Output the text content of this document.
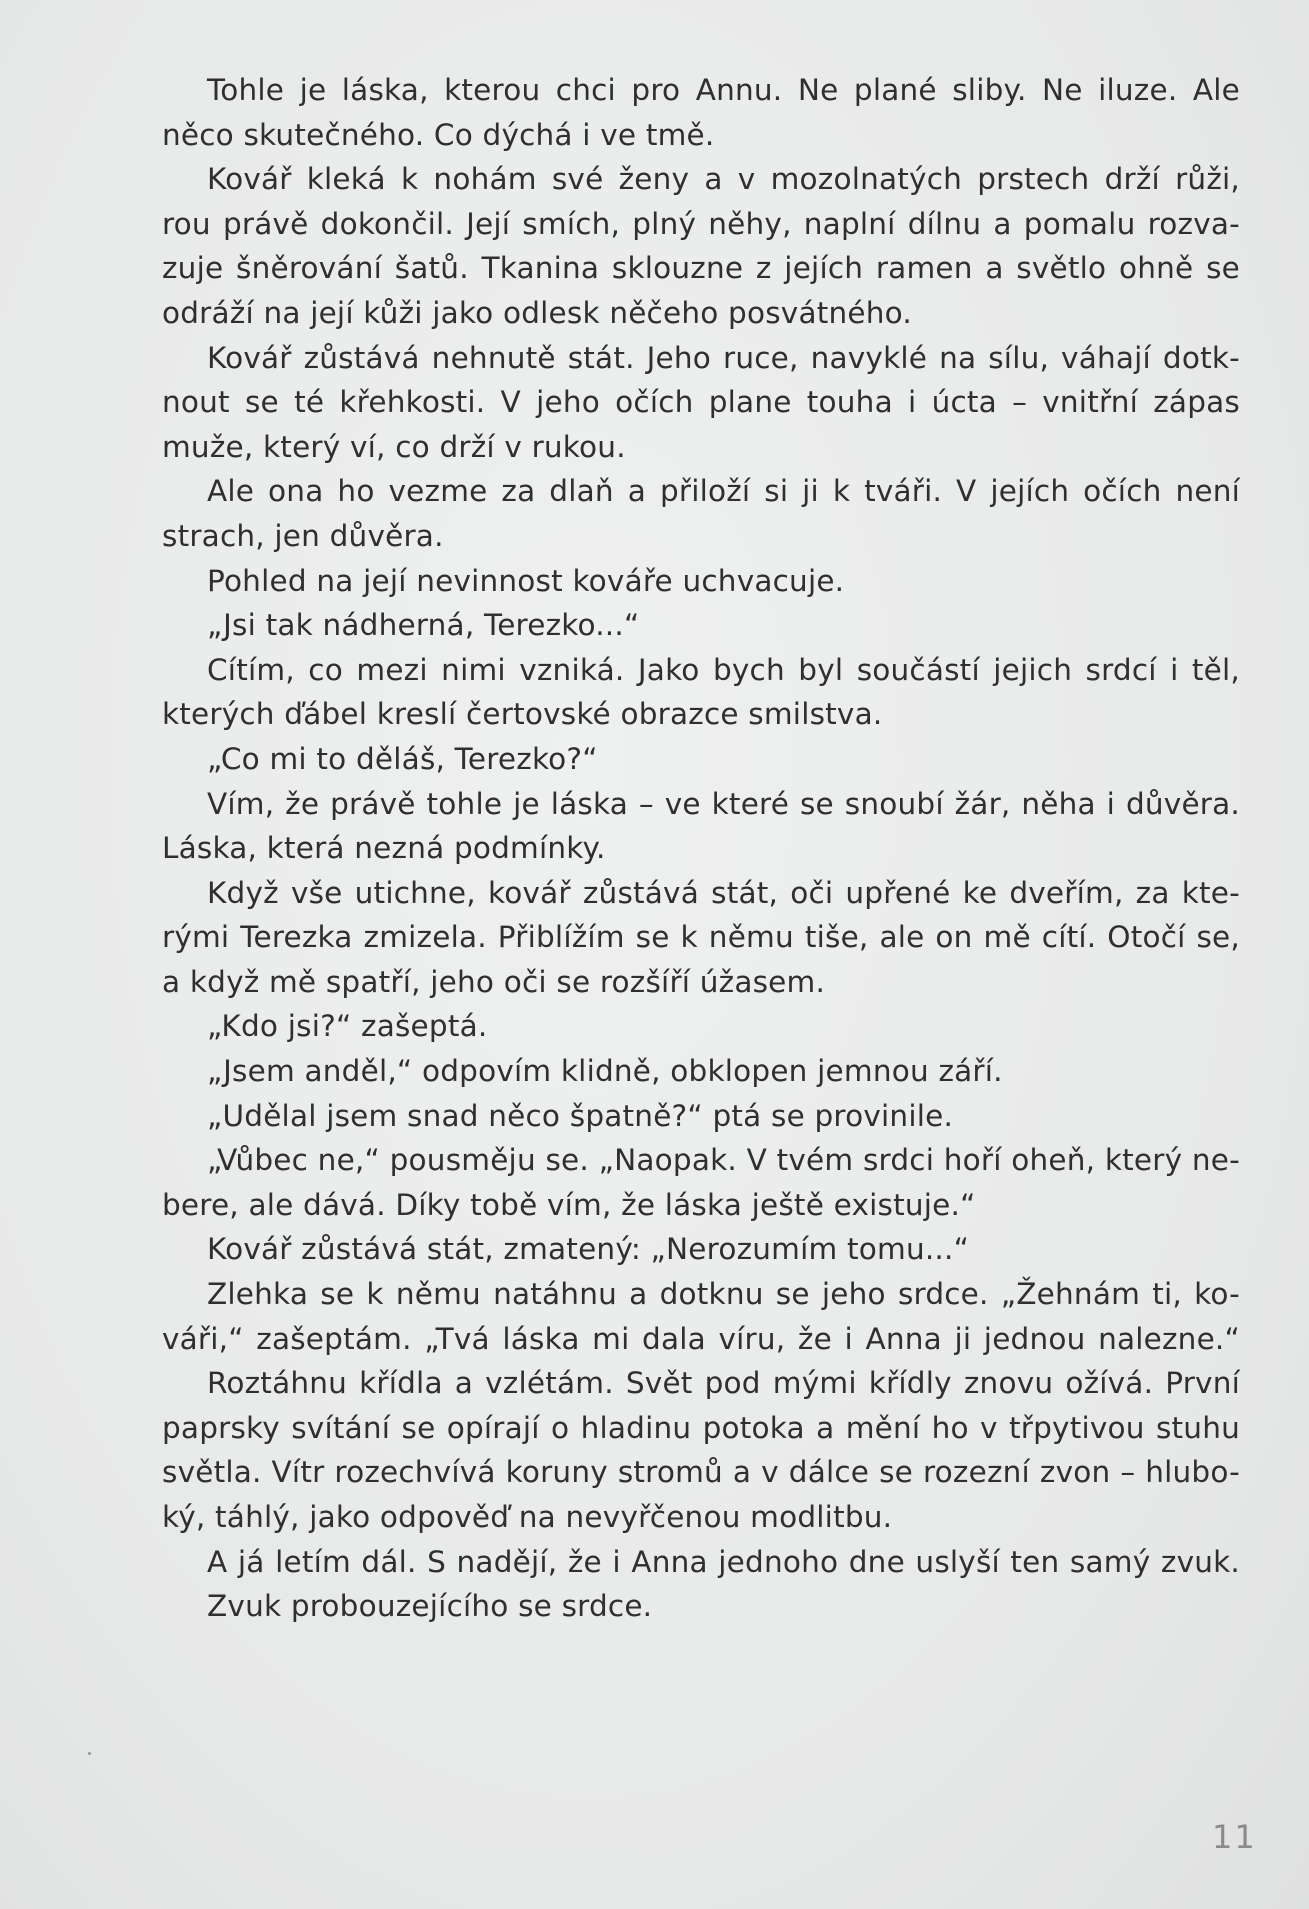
Tohle je láska, kterou chci pro Annu. Ne plané sliby. Ne iluze. Ale
něco skutečného. Co dýchá i ve tmě.
Kovář kleká k nohám své ženy a v mozolnatých prstech drží růži,
rou právě dokončil. Její smích, plný něhy, naplní dílnu a pomalu rozva-
zuje šněrování šatů. Tkanina sklouzne z jejích ramen a světlo ohně se
odráží na její kůži jako odlesk něčeho posvátného.
Kovář zůstává nehnutě stát. Jeho ruce, navyklé na sílu, váhají dotk-
nout se té křehkosti. V jeho očích plane touha i úcta – vnitřní zápas
muže, který ví, co drží v rukou.
Ale ona ho vezme za dlaň a přiloží si ji k tváři. V jejích očích není
strach, jen důvěra.
Pohled na její nevinnost kováře uchvacuje.
„Jsi tak nádherná, Terezko...“
Cítím, co mezi nimi vzniká. Jako bych byl součástí jejich srdcí i těl,
kterých ďábel kreslí čertovské obrazce smilstva.
„Co mi to děláš, Terezko?“
Vím, že právě tohle je láska – ve které se snoubí žár, něha i důvěra.
Láska, která nezná podmínky.
Když vše utichne, kovář zůstává stát, oči upřené ke dveřím, za kte-
rými Terezka zmizela. Přiblížím se k němu tiše, ale on mě cítí. Otočí se,
a když mě spatří, jeho oči se rozšíří úžasem.
„Kdo jsi?“ zašeptá.
„Jsem anděl,“ odpovím klidně, obklopen jemnou září.
„Udělal jsem snad něco špatně?“ ptá se provinile.
„Vůbec ne,“ pousměju se. „Naopak. V tvém srdci hoří oheň, který ne-
bere, ale dává. Díky tobě vím, že láska ještě existuje.“
Kovář zůstává stát, zmatený: „Nerozumím tomu...“
Zlehka se k němu natáhnu a dotknu se jeho srdce. „Žehnám ti, ko-
váři,“ zašeptám. „Tvá láska mi dala víru, že i Anna ji jednou nalezne.“
Roztáhnu křídla a vzlétám. Svět pod mými křídly znovu ožívá. První
paprsky svítání se opírají o hladinu potoka a mění ho v třpytivou stuhu
světla. Vítr rozechvívá koruny stromů a v dálce se rozezní zvon – hlubo-
ký, táhlý, jako odpověď na nevyřčenou modlitbu.
A já letím dál. S nadějí, že i Anna jednoho dne uslyší ten samý zvuk.
Zvuk probouzejícího se srdce.
11
